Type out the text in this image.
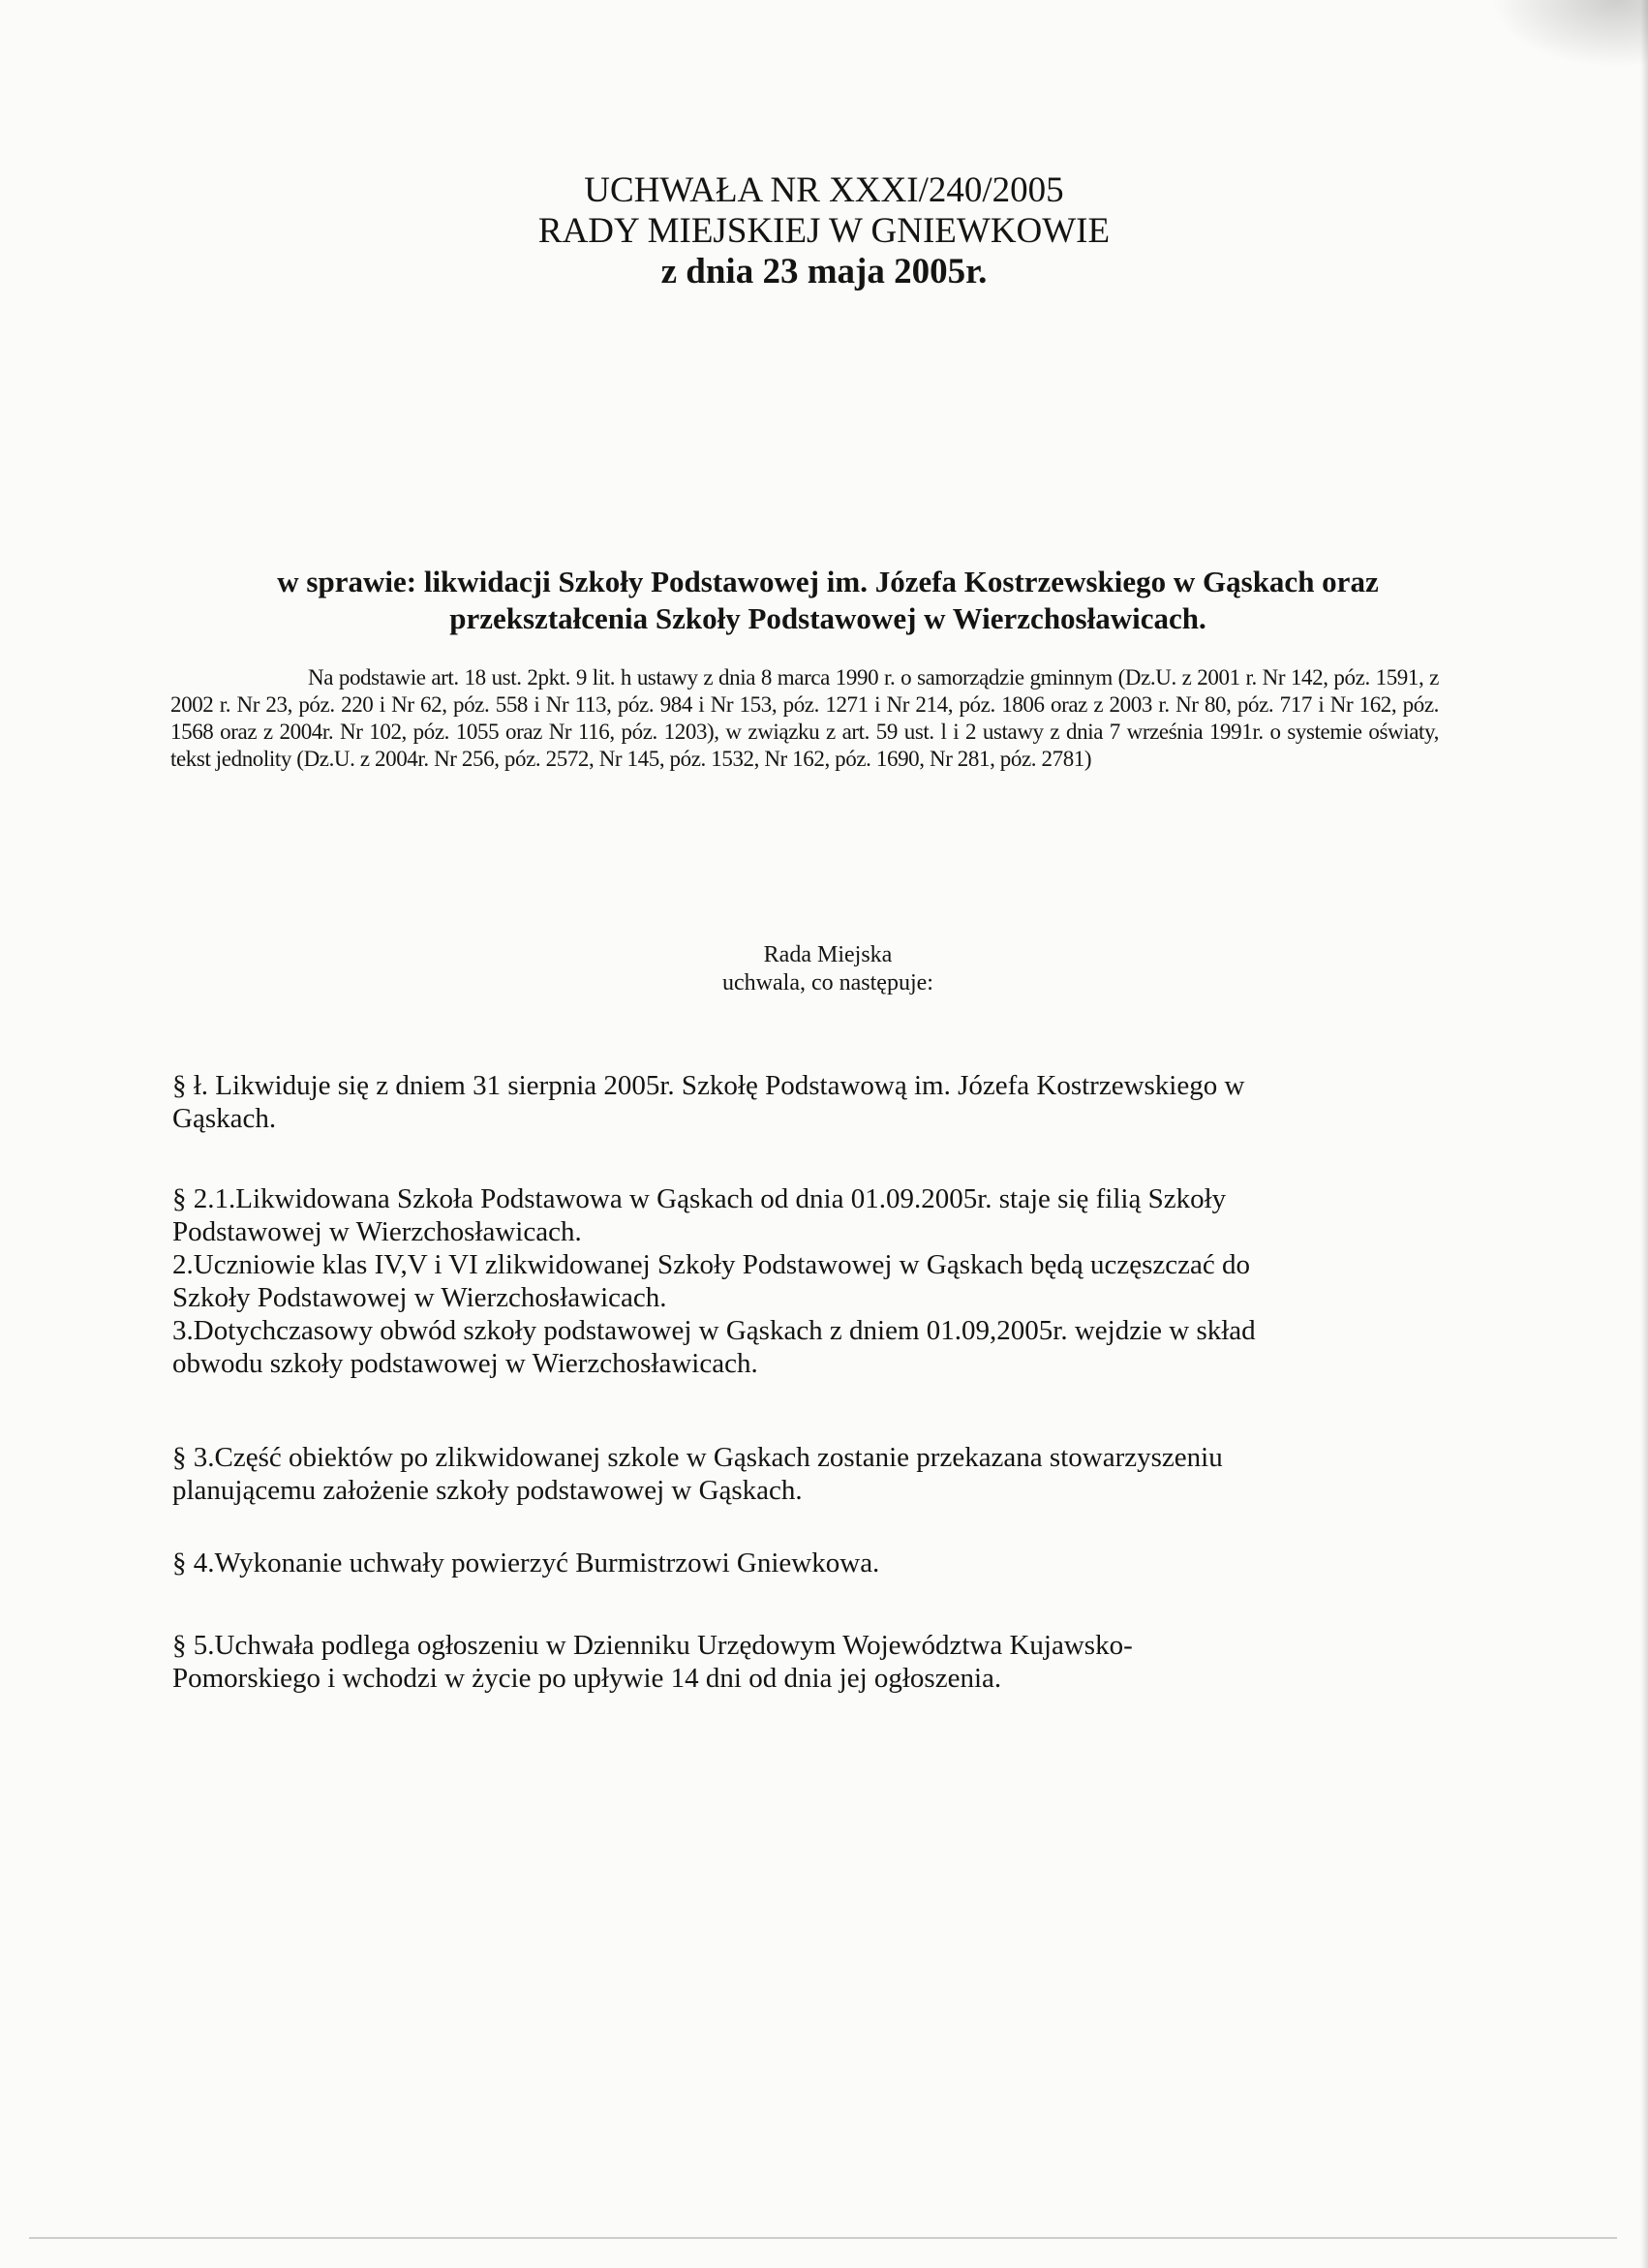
UCHWAŁA NR XXXI/240/2005
RADY MIEJSKIEJ W GNIEWKOWIE
z dnia 23 maja 2005r.
w sprawie: likwidacji Szkoły Podstawowej im. Józefa Kostrzewskiego w Gąskach oraz
przekształcenia Szkoły Podstawowej w Wierzchosławicach.
Na podstawie art. 18 ust. 2pkt. 9 lit. h ustawy z dnia 8 marca 1990 r. o samorządzie gminnym (Dz.U. z 2001 r. Nr 142, póz. 1591, z 2002 r. Nr 23, póz. 220 i Nr 62, póz. 558 i Nr 113, póz. 984 i Nr 153, póz. 1271 i Nr 214, póz. 1806 oraz z 2003 r. Nr 80, póz. 717 i Nr 162, póz. 1568 oraz z 2004r. Nr 102, póz. 1055 oraz Nr 116, póz. 1203), w związku z art. 59 ust. l i 2 ustawy z dnia 7 września 1991r. o systemie oświaty, tekst jednolity (Dz.U. z 2004r. Nr 256, póz. 2572, Nr 145, póz. 1532, Nr 162, póz. 1690, Nr 281, póz. 2781)
Rada Miejska
uchwala, co następuje:
§ ł. Likwiduje się z dniem 31 sierpnia 2005r. Szkołę Podstawową im. Józefa Kostrzewskiego w
Gąskach.
§ 2.1.Likwidowana Szkoła Podstawowa w Gąskach od dnia 01.09.2005r. staje się filią Szkoły
Podstawowej w Wierzchosławicach.
2.Uczniowie klas IV,V i VI zlikwidowanej Szkoły Podstawowej w Gąskach będą uczęszczać do
Szkoły Podstawowej w Wierzchosławicach.
3.Dotychczasowy obwód szkoły podstawowej w Gąskach z dniem 01.09,2005r. wejdzie w skład
obwodu szkoły podstawowej w Wierzchosławicach.
§ 3.Część obiektów po zlikwidowanej szkole w Gąskach zostanie przekazana stowarzyszeniu
planującemu założenie szkoły podstawowej w Gąskach.
§ 4.Wykonanie uchwały powierzyć Burmistrzowi Gniewkowa.
§ 5.Uchwała podlega ogłoszeniu w Dzienniku Urzędowym Województwa Kujawsko-
Pomorskiego i wchodzi w życie po upływie 14 dni od dnia jej ogłoszenia.
